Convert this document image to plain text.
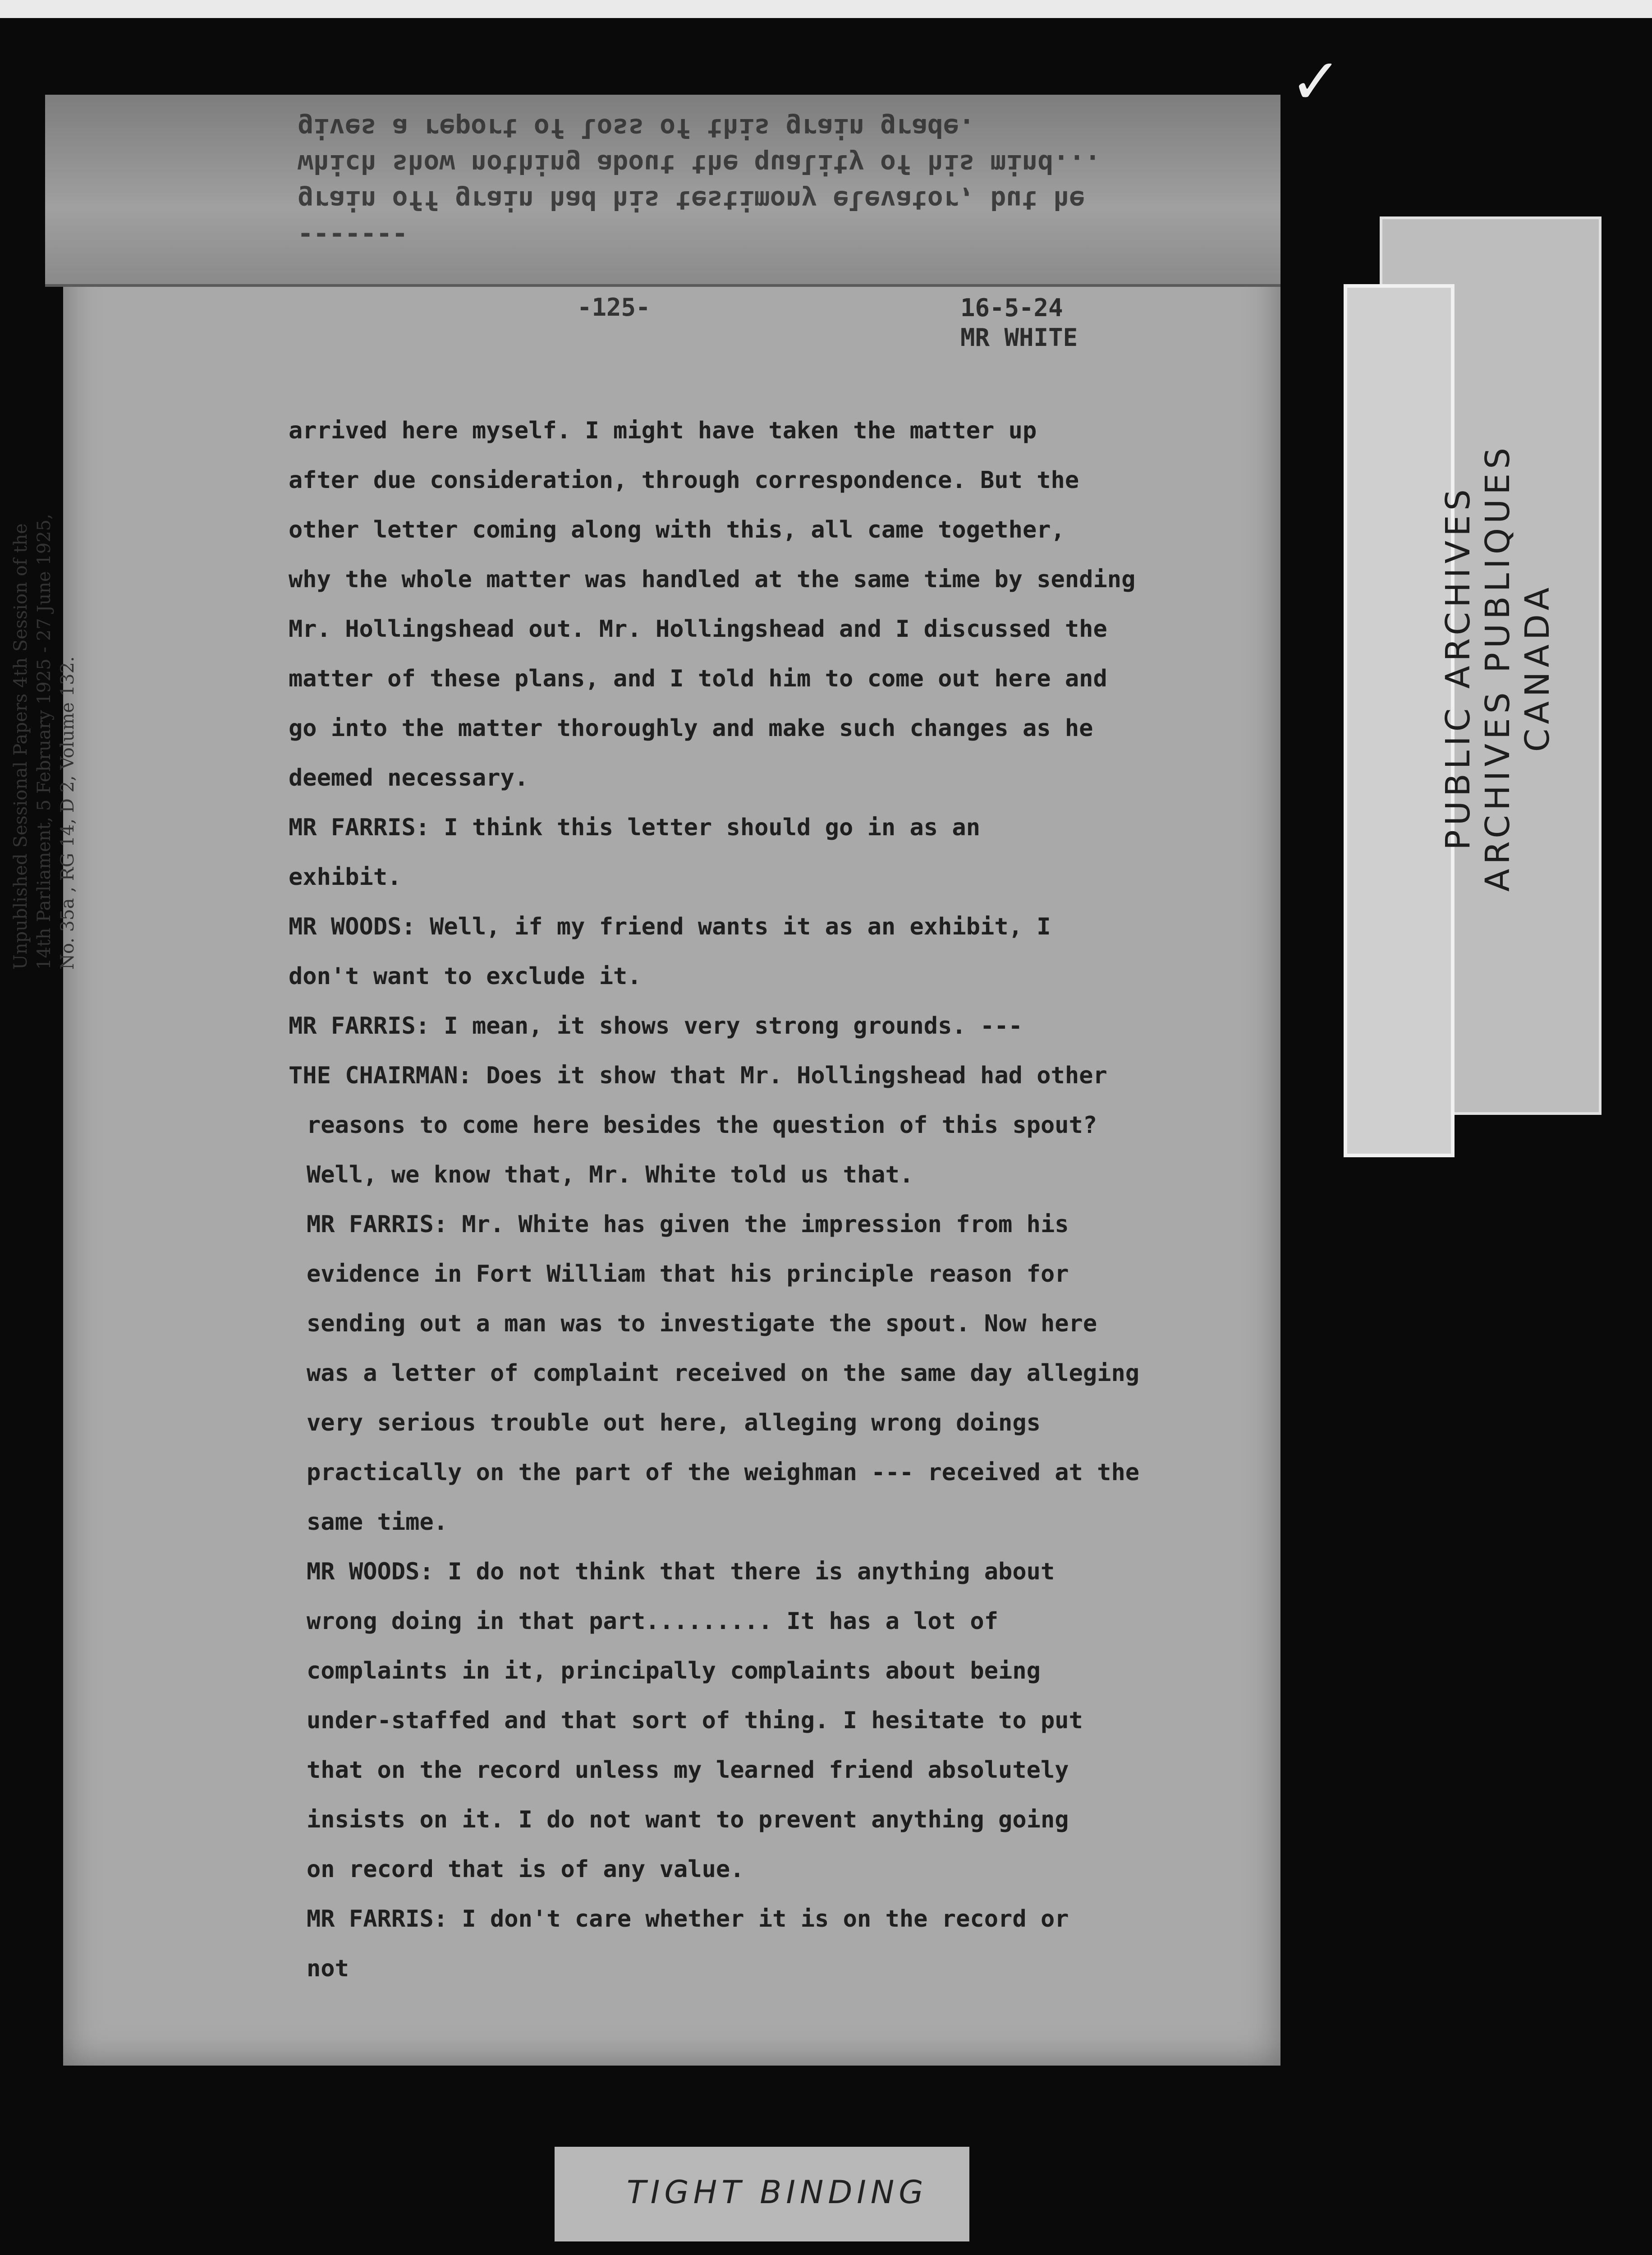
✓
gives a report of loss of this grain grade.
which show nothing about the quality of his mind...
grain off grain had his testimony elevator, but he
-------
-125-	16-5-24
MR WHITE
arrived here myself. I might have taken the matter up
after due consideration, through correspondence. But the
other letter coming along with this, all came together,
why the whole matter was handled at the same time by sending
Mr. Hollingshead out. Mr. Hollingshead and I discussed the
matter of these plans, and I told him to come out here and
go into the matter thoroughly and make such changes as he
deemed necessary.
MR FARRIS: I think this letter should go in as an
exhibit.
MR WOODS: Well, if my friend wants it as an exhibit, I
don't want to exclude it.
MR FARRIS: I mean, it shows very strong grounds. ---
THE CHAIRMAN: Does it show that Mr. Hollingshead had other
reasons to come here besides the question of this spout?
Well, we know that, Mr. White told us that.
MR FARRIS: Mr. White has given the impression from his
evidence in Fort William that his principle reason for
sending out a man was to investigate the spout. Now here
was a letter of complaint received on the same day alleging
very serious trouble out here, alleging wrong doings
practically on the part of the weighman --- received at the
same time.
MR WOODS: I do not think that there is anything about
wrong doing in that part......... It has a lot of
complaints in it, principally complaints about being
under-staffed and that sort of thing. I hesitate to put
that on the record unless my learned friend absolutely
insists on it. I do not want to prevent anything going
on record that is of any value.
MR FARRIS: I don't care whether it is on the record or
not
Unpublished Sessional Papers 4th Session of the 14th Parliament, 5 February 1925 - 27 June 1925, No. 35a , RG 14, D 2, Volume 132.	PUBLIC ARCHIVES ARCHIVES PUBLIQUES CANADA
TIGHT BINDING
